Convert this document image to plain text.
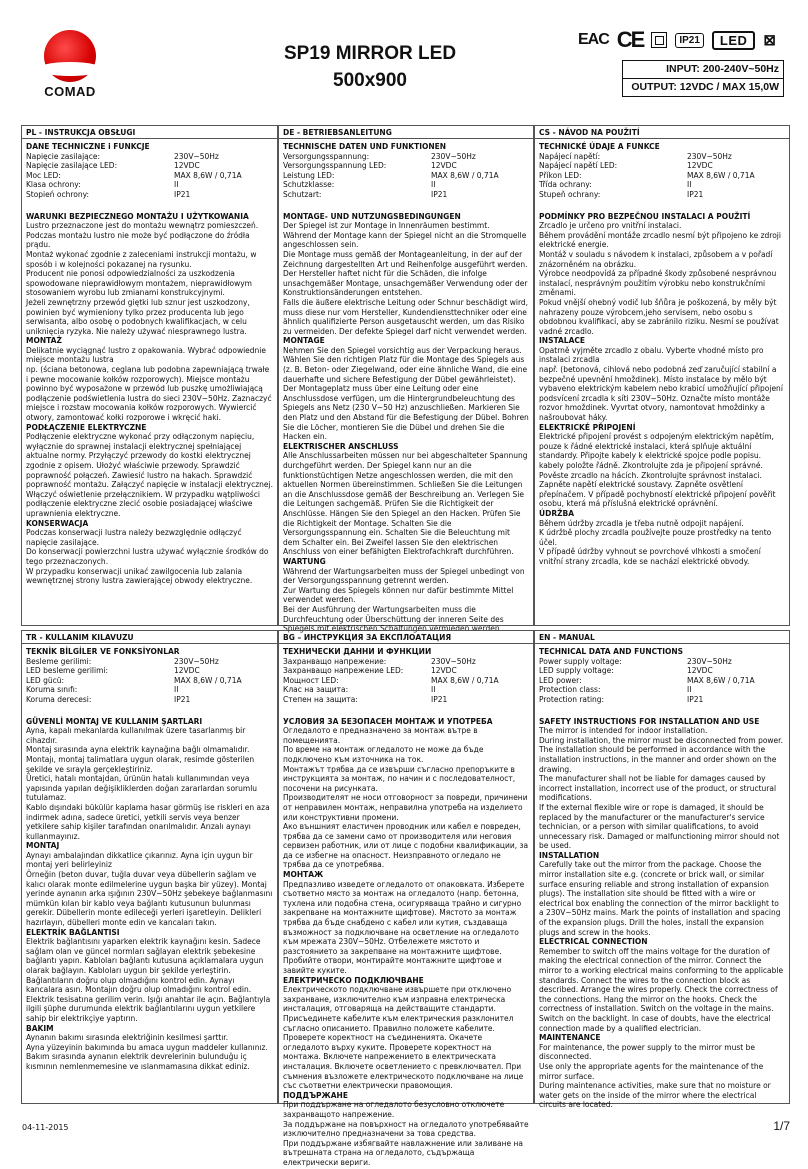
COMAD
SP19 MIRROR LED
500x900
EAC CE	IP21	LED	⊠
INPUT: 200-240V~50Hz
OUTPUT: 12VDC / MAX 15,0W
PL - INSTRUKCJA OBSŁUGI
DANE TECHNICZNE i FUNKCJE
Napięcie zasilające:	230V~50Hz
Napięcie zasilające LED:	12VDC
Moc LED:	MAX 8,6W / 0,71A
Klasa ochrony:	II
Stopień ochrony:	IP21
WARUNKI BEZPIECZNEGO MONTAŻU I UŻYTKOWANIA

Lustro przeznaczone jest do montażu wewnątrz pomieszczeń.

Podczas montażu lustro nie może być podłączone do źródła prądu.

Montaż wykonać zgodnie z zaleceniami instrukcji montażu, w sposób i w kolejności pokazanej na rysunku.

Producent nie ponosi odpowiedzialności za uszkodzenia spowodowane nieprawidłowym montażem, nieprawidłowym stosowaniem wyrobu lub zmianami konstrukcyjnymi.

Jeżeli zewnętrzny przewód giętki lub sznur jest uszkodzony, powinien być wymieniony tylko przez producenta lub jego serwisanta, albo osobę o podobnych kwalifikacjach, w celu uniknięcia ryzyka. Nie należy używać niesprawnego lustra.

MONTAŻ

Delikatnie wyciągnąć lustro z opakowania. Wybrać odpowiednie miejsce montażu lustra

np. (ściana betonowa, ceglana lub podobna zapewniającą trwałe i pewne mocowanie kołków rozporowych). Miejsce montażu powinno być wyposażone w przewód lub puszkę umożliwiającą podłączenie podświetlenia lustra do sieci 230V~50Hz. Zaznaczyć miejsce i rozstaw mocowania kołków rozporowych. Wywiercić otwory, zamontować kołki rozporowe i wkręcić haki.

PODŁĄCZENIE ELEKTRYCZNE

Podłączenie elektryczne wykonać przy odłączonym napięciu, wyłącznie do sprawnej instalacji elektrycznej spełniającej aktualne normy. Przyłączyć przewody do kostki elektrycznej zgodnie z opisem. Ułożyć właściwie przewody. Sprawdzić poprawność połączeń. Zawiesić lustro na hakach. Sprawdzić poprawność montażu. Załączyć napięcie w instalacji elektrycznej. Włączyć oświetlenie przełącznikiem. W przypadku wątpliwości podłączenie elektryczne zlecić osobie posiadającej właściwe uprawnienia elektryczne.

KONSERWACJA

Podczas konserwacji lustra należy bezwzględnie odłączyć napięcie zasilające.

Do konserwacji powierzchni lustra używać wyłącznie środków do tego przeznaczonych.

W przypadku konserwacji unikać zawilgocenia lub zalania wewnętrznej strony lustra zawierającej obwody elektryczne.

DE - BETRIEBSANLEITUNG
TECHNISCHE DATEN UND FUNKTIONEN
Versorgungsspannung:	230V~50Hz
Versorgungsspannung LED:	12VDC
Leistung LED:	MAX 8,6W / 0,71A
Schutzklasse:	II
Schutzart:	IP21
MONTAGE- UND NUTZUNGSBEDINGUNGEN

Der Spiegel ist zur Montage in Innenräumen bestimmt.

Während der Montage kann der Spiegel nicht an die Stromquelle angeschlossen sein.

Die Montage muss gemäß der Montageanleitung, in der auf der Zeichnung dargestellten Art und Reihenfolge ausgeführt werden.

Der Hersteller haftet nicht für die Schäden, die infolge unsachgemäßer Montage, unsachgemäßer Verwendung oder der Konstruktionsänderungen entstehen.

Falls die äußere elektrische Leitung oder Schnur beschädigt wird, muss diese nur vom Hersteller, Kundendiensttechniker oder eine ähnlich qualifizierte Person ausgetauscht werden, um das Risiko zu vermeiden. Der defekte Spiegel darf nicht verwendet werden.

MONTAGE

Nehmen Sie den Spiegel vorsichtig aus der Verpackung heraus. Wählen Sie den richtigen Platz für die Montage des Spiegels aus (z. B. Beton- oder Ziegelwand, oder eine ähnliche Wand, die eine dauerhafte und sichere Befestigung der Dübel gewährleistet). Der Montageplatz muss über eine Leitung oder eine Anschlussdose verfügen, um die Hintergrundbeleuchtung des Spiegels ans Netz (230 V~50 Hz) anzuschließen. Markieren Sie den Platz und den Abstand für die Befestigung der Dübel. Bohren Sie die Löcher, montieren Sie die Dübel und drehen Sie die Hacken ein.

ELEKTRISCHER ANSCHLUSS

Alle Anschlussarbeiten müssen nur bei abgeschalteter Spannung durchgeführt werden. Der Spiegel kann nur an die funktionstüchtigen Netze angeschlossen werden, die mit den aktuellen Normen übereinstimmen. Schließen Sie die Leitungen an die Anschlussdose gemäß der Beschreibung an. Verlegen Sie die Leitungen sachgemäß. Prüfen Sie die Richtigkeit der Anschlüsse. Hängen Sie den Spiegel an den Hacken. Prüfen Sie die Richtigkeit der Montage. Schalten Sie die Versorgungsspannung ein. Schalten Sie die Beleuchtung mit dem Schalter ein. Bei Zweifel lassen Sie den elektrischen Anschluss von einer befähigten Elektrofachkraft durchführen.

WARTUNG

Während der Wartungsarbeiten muss der Spiegel unbedingt von der Versorgungsspannung getrennt werden.

Zur Wartung des Spiegels können nur dafür bestimmte Mittel verwendet werden.

Bei der Ausführung der Wartungsarbeiten muss die Durchfeuchtung oder Überschüttung der inneren Seite des Spiegels mit elektrischen Schaltungen vermieden werden.

CS - NÁVOD NA POUŽITÍ
TECHNICKÉ ÚDAJE A FUNKCE
Napájecí napětí:	230V~50Hz
Napájecí napětí LED:	12VDC
Příkon LED:	MAX 8,6W / 0,71A
Třída ochrany:	II
Stupeň ochrany:	IP21
PODMÍNKY PRO BEZPEČNOU INSTALACI A POUŽITÍ

Zrcadlo je určeno pro vnitřní instalaci.

Během provádění montáže zrcadlo nesmí být připojeno ke zdroji elektrické energie.

Montáž v souladu s návodem k instalaci, způsobem a v pořadí znázorněném na obrázku.

Výrobce neodpovídá za případné škody způsobené nesprávnou instalací, nesprávným použitím výrobku nebo konstrukčními změnami.

Pokud vnější ohebný vodič lub šňůra je poškozená, by měly být nahrazeny pouze výrobcem,jeho servisem, nebo osobu s obdobnou kvalifikací, aby se zabránilo riziku. Nesmí se používat vadné zrcadlo.

INSTALACE

Opatrně vyjměte zrcadlo z obalu. Vyberte vhodné místo pro instalaci zrcadla

např. (betonová, cihlová nebo podobná zeď zaručující stabilní a bezpečné upevnění hmoždinek). Místo instalace by mělo být vybaveno elektrickým kabelem nebo krabicí umožňující připojení podsvícení zrcadla k síti 230V~50Hz. Označte místo montáže rozvor hmoždinek. Vyvrtat otvory, namontovat hmoždinky a našroubovat háky.

ELEKTRICKÉ PŘIPOJENÍ

Elektrické připojení provést s odpojeným elektrickým napětím, pouze k řádné elektrické instalaci, která splňuje aktuální standardy. Připojte kabely k elektrické spojce podle popisu. kabely položte řádně. Zkontrolujte zda je připojení správné. Pověste zrcadlo na hácích. Zkontrolujte správnost instalaci. Zapněte napětí elektrické soustavy. Zapněte osvětlení přepínačem. V případě pochybností elektrické připojení pověřit osobu, která má příslušná elektrické oprávnění.

ÚDRŽBA

Během údržby zrcadla je třeba nutně odpojit napájení.

K údržbě plochy zrcadla používejte pouze prostředky na tento účel.

V případě údržby vyhnout se povrchové vlhkosti a smočení vnitřní strany zrcadla, kde se nachází elektrické obvody.

TR - KULLANIM KILAVUZU
TEKNİK BİLGİLER VE FONKSİYONLAR
Besleme gerilimi:	230V~50Hz
LED besleme gerilimi:	12VDC
LED gücü:	MAX 8,6W / 0,71A
Koruma sınıfı:	II
Koruma derecesi:	IP21
GÜVENLİ MONTAJ VE KULLANIM ŞARTLARI

Ayna, kapalı mekanlarda kullanılmak üzere tasarlanmış bir cihazdır.

Montaj sırasında ayna elektrik kaynağına bağlı olmamalıdır.

Montajı, montaj talimatlara uygun olarak, resimde gösterilen şekilde ve sırayla gerçekleştiriniz.

Üretici, hatalı montajdan, ürünün hatalı kullanımından veya yapısında yapılan değişikliklerden doğan zararlardan sorumlu tutulamaz.

Kablo dışındaki bükülür kaplama hasar görmüş ise riskleri en aza indirmek adına, sadece üretici, yetkili servis veya benzer yetkilere sahip kişiler tarafından onarılmalıdır. Arızalı aynayı kullanmayınız.

MONTAJ

Aynayı ambalajından dikkatlice çıkarınız. Ayna için uygun bir montaj yeri belirleyiniz

Örneğin (beton duvar, tuğla duvar veya dübellerin sağlam ve kalıcı olarak monte edilmelerine uygun başka bir yüzey). Montaj yerinde aynanın arka ışığının 230V~50Hz şebekeye bağlanmasını mümkün kılan bir kablo veya bağlantı kutusunun bulunması gerekir. Dübellerin monte edileceği yerleri işaretleyin. Delikleri hazırlayın, dübelleri monte edin ve kancaları takın.

ELEKTRİK BAĞLANTISI

Elektrik bağlantısını yaparken elektrik kaynağını kesin. Sadece sağlam olan ve güncel normları sağlayan elektrik şebekesine bağlantı yapın. Kabloları bağlantı kutusuna açıklamalara uygun olarak bağlayın. Kabloları uygun bir şekilde yerleştirin. Bağlantıların doğru olup olmadığını kontrol edin. Aynayı kancalara asın. Montajın doğru olup olmadığını kontrol edin. Elektrik tesisatına gerilim verin. Işığı anahtar ile açın. Bağlantıyla ilgili şüphe durumunda elektrik bağlantılarını uygun yetkilere sahip bir elektrikçiye yaptırın.

BAKIM

Aynanın bakımı sırasında elektriğinin kesilmesi şarttır.

Ayna yüzeyinin bakımında bu amaca uygun maddeler kullanınız.

Bakım sırasında aynanın elektrik devrelerinin bulunduğu iç kısmının nemlenmemesine ve ıslanmamasına dikkat ediniz.

BG – ИНСТРУКЦИЯ ЗА ЕКСПЛОАТАЦИЯ
ТЕХНИЧЕСКИ ДАННИ И ФУНКЦИИ
Захранващо напрежение:	230V~50Hz
Захранващо напрежение LED:	12VDC
Мощност LED:	MAX 8,6W / 0,71A
Клас на защита:	II
Степен на защита:	IP21
УСЛОВИЯ ЗА БЕЗОПАСЕН МОНТАЖ И УПОТРЕБА

Огледалото е предназначено за монтаж вътре в помещенията.

По време на монтаж огледалото не може да бъде подключено към източника на ток.

Монтажът трябва да се извърши съгласно препоръките в инструкцията за монтаж, по начин и с последователност, посочени на рисунката.

Производителят не носи отговорност за повреди, причинени от неправилен монтаж, неправилна употреба на изделието или конструктивни промени.

Ако външният еластичен проводник или кабел е повреден, трябва да се замени само от производителя или неговия сервизен работник, или от лице с подобни квалификации, за да се избегне на опасност. Неизправното огледало не трябва да се употребява.

МОНТАЖ

Предпазливо изведете огледалото от опаковката. Изберете съответно място за монтаж на огледалото (напр. бетонна, тухлена или подобна стена, осигуряваща трайно и сигурно закрепване на монтажните щифтове). Мястото за монтаж трябва да бъде снабдено с кабел или кутия, създаваща възможност за подключване на осветление на огледалото към мрежата 230V~50Hz. Отбележете мястото и разстоянието за закрепване на монтажните щифтове. Пробийте отвори, монтирайте монтажните щифтове и завийте куките.

ЕЛЕКТРИЧЕСКО ПОДКЛЮЧВАНЕ

Електрическото подключване извършете при отключено захранване, изключително към изправна електрическа инсталация, отговаряща на действащите стандарти. Присъединете кабелите към електрическия разклонител съгласно описанието. Правилно положете кабелите. Проверете коректност на съединенията. Окачете огледалото върху куките. Проверете коректност на монтажа. Включете напрежението в електрическата инсталация. Включете осветлението с превключвател. При съмнения възложете електрическото подключване на лице със съответни електрически правомощия.

ПОДДЪРЖАНЕ

При поддържане на огледалото безусловно отключете захранващото напрежение.

За поддържане на повърхност на огледалото употребявайте изключително предназначени за това средства.

При поддържане избягвайте навлажнение или заливане на вътрешната страна на огледалото, съдържаща електрически вериги.

EN - MANUAL
TECHNICAL DATA AND FUNCTIONS
Power supply voltage:	230V~50Hz
LED supply voltage:	12VDC
LED power:	MAX 8,6W / 0,71A
Protection class:	II
Protection rating:	IP21
SAFETY INSTRUCTIONS FOR INSTALLATION AND USE

The mirror is intended for indoor installation.

During installation, the mirror must be disconnected from power.

The installation should be performed in accordance with the installation instructions, in the manner and order shown on the drawing.

The manufacturer shall not be liable for damages caused by incorrect installation, incorrect use of the product, or structural modifications.

If the external flexible wire or rope is damaged, it should be replaced by the manufacturer or the manufacturer's service technician, or a person with similar qualifications, to avoid unnecessary risk. Damaged or malfunctioning mirror should not be used.

INSTALLATION

Carefully take out the mirror from the package. Choose the mirror installation site e.g. (concrete or brick wall, or similar surface ensuring reliable and strong installation of expansion plugs). The installation site should be fitted with a wire or electrical box enabling the connection of the mirror backlight to a 230V~50Hz mains. Mark the points of installation and spacing of the expansion plugs. Drill the holes, install the expansion plugs and screw in the hooks.

ELECTRICAL CONNECTION

Remember to switch off the mains voltage for the duration of making the electrical connection of the mirror. Connect the mirror to a working electrical mains conforming to the applicable standards. Connect the wires to the connection block as described. Arrange the wires properly. Check the correctness of the connections. Hang the mirror on the hooks. Check the correctness of installation. Switch on the voltage in the mains. Switch on the backlight. In case of doubts, have the electrical connection made by a qualified electrician.

MAINTENANCE

For maintenance, the power supply to the mirror must be disconnected.

Use only the appropriate agents for the maintenance of the mirror surface.

During maintenance activities, make sure that no moisture or water gets on the inside of the mirror where the electrical circuits are located.

04-11-2015	1/7
